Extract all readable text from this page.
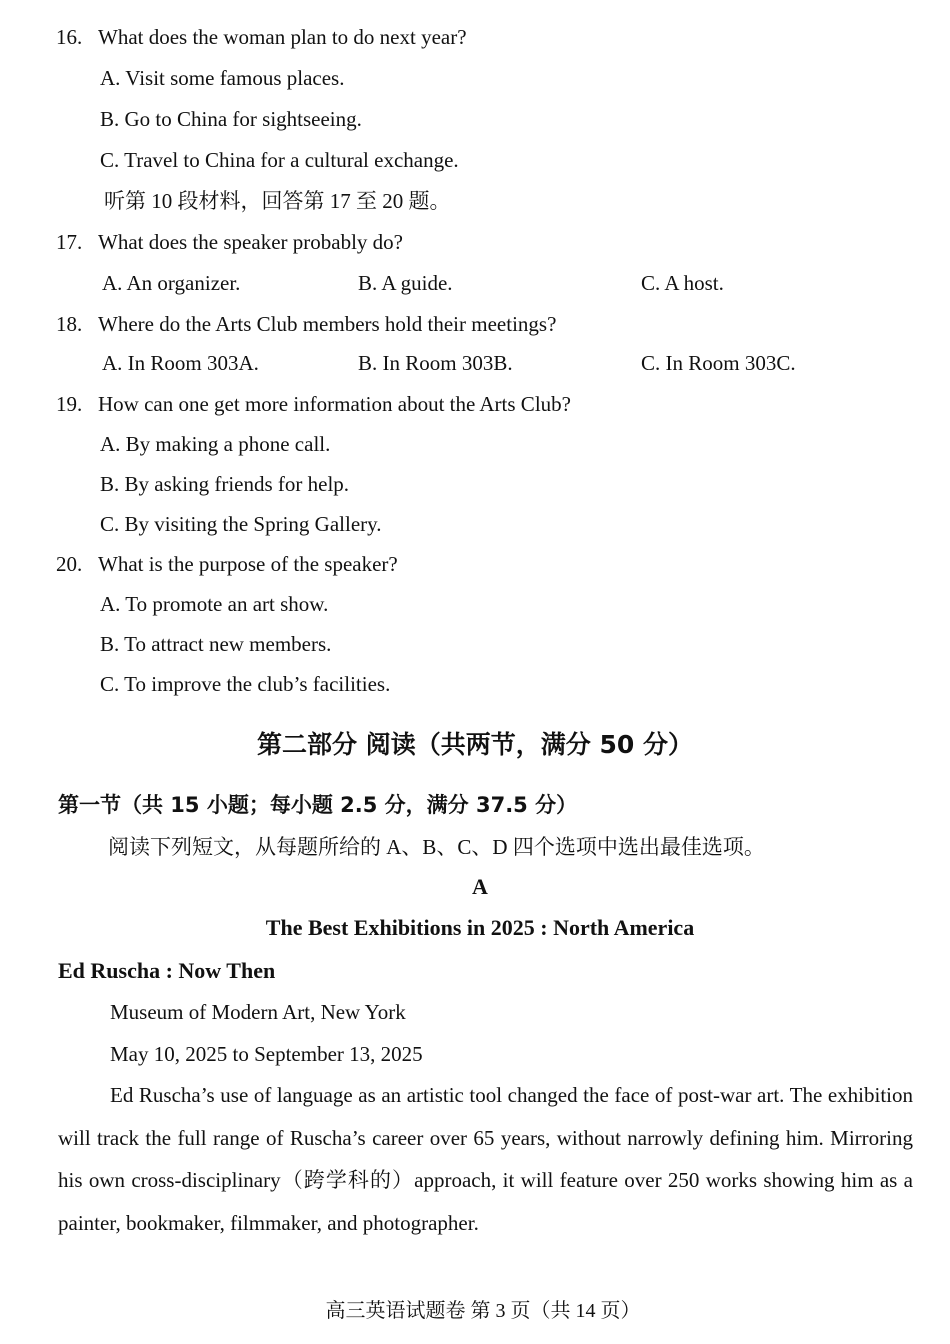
16. What does the woman plan to do next year?
A. Visit some famous places.
B. Go to China for sightseeing.
C. Travel to China for a cultural exchange.
听第 10 段材料，回答第 17 至 20 题。
17. What does the speaker probably do?
A. An organizer.	B. A guide.	C. A host.
18. Where do the Arts Club members hold their meetings?
A. In Room 303A.	B. In Room 303B.	C. In Room 303C.
19. How can one get more information about the Arts Club?
A. By making a phone call.
B. By asking friends for help.
C. By visiting the Spring Gallery.
20. What is the purpose of the speaker?
A. To promote an art show.
B. To attract new members.
C. To improve the club’s facilities.
第二部分 阅读（共两节，满分 50 分）
第一节（共 15 小题；每小题 2.5 分，满分 37.5 分）
阅读下列短文，从每题所给的 A、B、C、D 四个选项中选出最佳选项。
A
The Best Exhibitions in 2025 : North America
Ed Ruscha : Now Then
Museum of Modern Art, New York
May 10, 2025 to September 13, 2025
Ed Ruscha’s use of language as an artistic tool changed the face of post-war art. The exhibition will track the full range of Ruscha’s career over 65 years, without narrowly defining him. Mirroring his own cross-disciplinary（跨学科的）approach, it will feature over 250 works showing him as a painter, bookmaker, filmmaker, and photographer.
高三英语试题卷 第 3 页（共 14 页）
